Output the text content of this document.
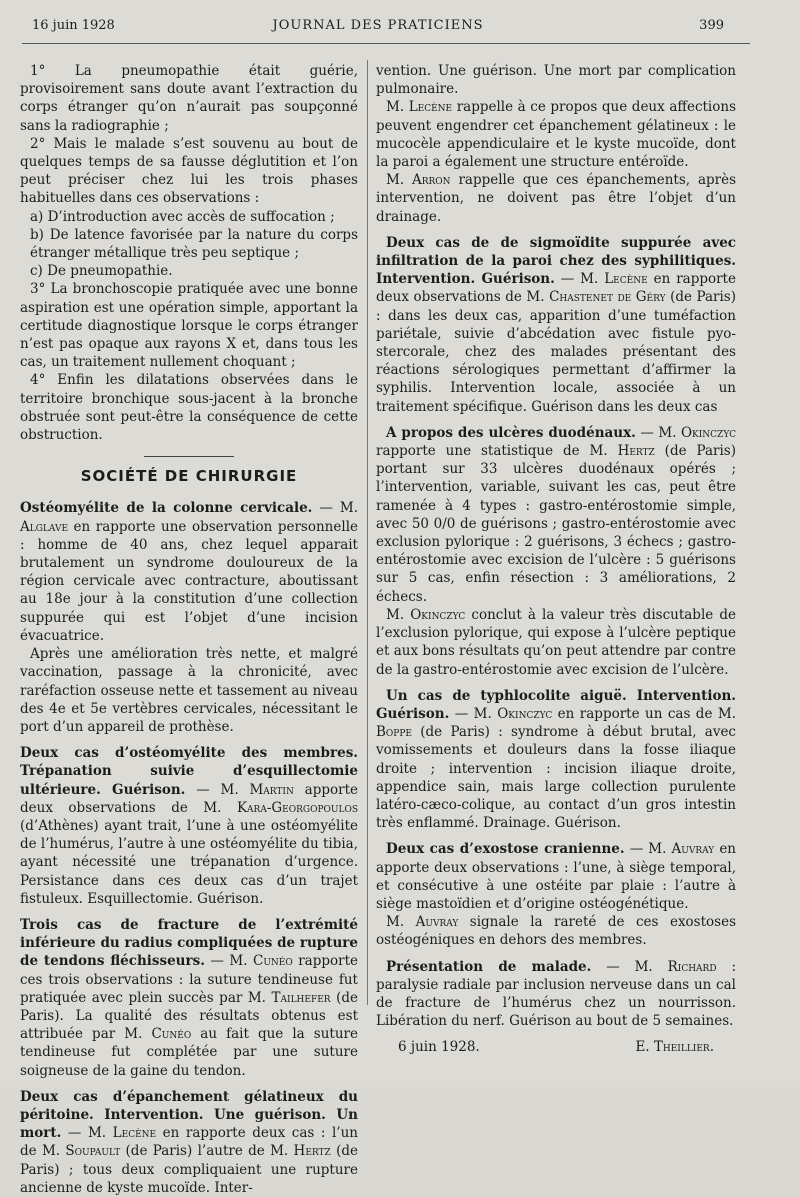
16 juin 1928	JOURNAL DES PRATICIENS	399

1° La pneumopathie était guérie, provisoirement sans doute avant l’extraction du corps étranger qu’on n’aurait pas soupçonné sans la radiographie ;

2° Mais le malade s’est souvenu au bout de quelques temps de sa fausse déglutition et l’on peut préciser chez lui les trois phases habituelles dans ces observations :

a) D’introduction avec accès de suffocation ;

b) De latence favorisée par la nature du corps étranger métallique très peu septique ;

c) De pneumopathie.

3° La bronchoscopie pratiquée avec une bonne aspiration est une opération simple, apportant la certitude diagnostique lorsque le corps étranger n’est pas opaque aux rayons X et, dans tous les cas, un traitement nullement choquant ;

4° Enfin les dilatations observées dans le territoire bronchique sous-jacent à la bronche obstruée sont peut-être la conséquence de cette obstruction.

SOCIÉTÉ DE CHIRURGIE

Ostéomyélite de la colonne cervicale. — M. Alglave en rapporte une observation personnelle : homme de 40 ans, chez lequel apparait brutalement un syndrome douloureux de la région cervicale avec contracture, aboutissant au 18e jour à la constitution d’une collection suppurée qui est l’objet d’une incision évacuatrice.

Après une amélioration très nette, et malgré vaccination, passage à la chronicité, avec raréfaction osseuse nette et tassement au niveau des 4e et 5e vertèbres cervicales, nécessitant le port d’un appareil de prothèse.

Deux cas d’ostéomyélite des membres. Trépanation suivie d’esquillectomie ultérieure. Guérison. — M. Martin apporte deux observations de M. Kara-Georgopoulos (d’Athènes) ayant trait, l’une à une ostéomyélite de l’humérus, l’autre à une ostéomyélite du tibia, ayant nécessité une trépanation d’urgence. Persistance dans ces deux cas d’un trajet fistuleux. Esquillectomie. Guérison.

Trois cas de fracture de l’extrémité inférieure du radius compliquées de rupture de tendons fléchisseurs. — M. Cunéo rapporte ces trois observations : la suture tendineuse fut pratiquée avec plein succès par M. Tailhefer (de Paris). La qualité des résultats obtenus est attribuée par M. Cunéo au fait que la suture tendineuse fut complétée par une suture soigneuse de la gaine du tendon.

Deux cas d’épanchement gélatineux du péritoine. Intervention. Une guérison. Un mort. — M. Lecène en rapporte deux cas : l’un de M. Soupault (de Paris) l’autre de M. Hertz (de Paris) ; tous deux compliquaient une rupture ancienne de kyste mucoïde. Inter-

vention. Une guérison. Une mort par complication pulmonaire.

M. Lecène rappelle à ce propos que deux affections peuvent engendrer cet épanchement gélatineux : le mucocèle appendiculaire et le kyste mucoïde, dont la paroi a également une structure entéroïde.

M. Arron rappelle que ces épanchements, après intervention, ne doivent pas être l’objet d’un drainage.

Deux cas de de sigmoïdite suppurée avec infiltration de la paroi chez des syphilitiques. Intervention. Guérison. — M. Lecène en rapporte deux observations de M. Chastenet de Géry (de Paris) : dans les deux cas, apparition d’une tuméfaction pariétale, suivie d’abcédation avec fistule pyo-stercorale, chez des malades présentant des réactions sérologiques permettant d’affirmer la syphilis. Intervention locale, associée à un traitement spécifique. Guérison dans les deux cas

A propos des ulcères duodénaux. — M. Okinczyc rapporte une statistique de M. Hertz (de Paris) portant sur 33 ulcères duodénaux opérés ; l’intervention, variable, suivant les cas, peut être ramenée à 4 types : gastro-entérostomie simple, avec 50 0/0 de guérisons ; gastro-entérostomie avec exclusion pylorique : 2 guérisons, 3 échecs ; gastro-entérostomie avec excision de l’ulcère : 5 guérisons sur 5 cas, enfin résection : 3 améliorations, 2 échecs.

M. Okinczyc conclut à la valeur très discutable de l’exclusion pylorique, qui expose à l’ulcère peptique et aux bons résultats qu’on peut attendre par contre de la gastro-entérostomie avec excision de l’ulcère.

Un cas de typhlocolite aiguë. Intervention. Guérison. — M. Okinczyc en rapporte un cas de M. Boppe (de Paris) : syndrome à début brutal, avec vomissements et douleurs dans la fosse iliaque droite ; intervention : incision iliaque droite, appendice sain, mais large collection purulente latéro-cæco-colique, au contact d’un gros intestin très enflammé. Drainage. Guérison.

Deux cas d’exostose cranienne. — M. Auvray en apporte deux observations : l’une, à siège temporal, et consécutive à une ostéite par plaie : l’autre à siège mastoïdien et d’origine ostéogénétique.

M. Auvray signale la rareté de ces exostoses ostéogéniques en dehors des membres.

Présentation de malade. — M. Richard : paralysie radiale par inclusion nerveuse dans un cal de fracture de l’humérus chez un nourrisson. Libération du nerf. Guérison au bout de 5 semaines.

6 juin 1928.	E. Theillier.
